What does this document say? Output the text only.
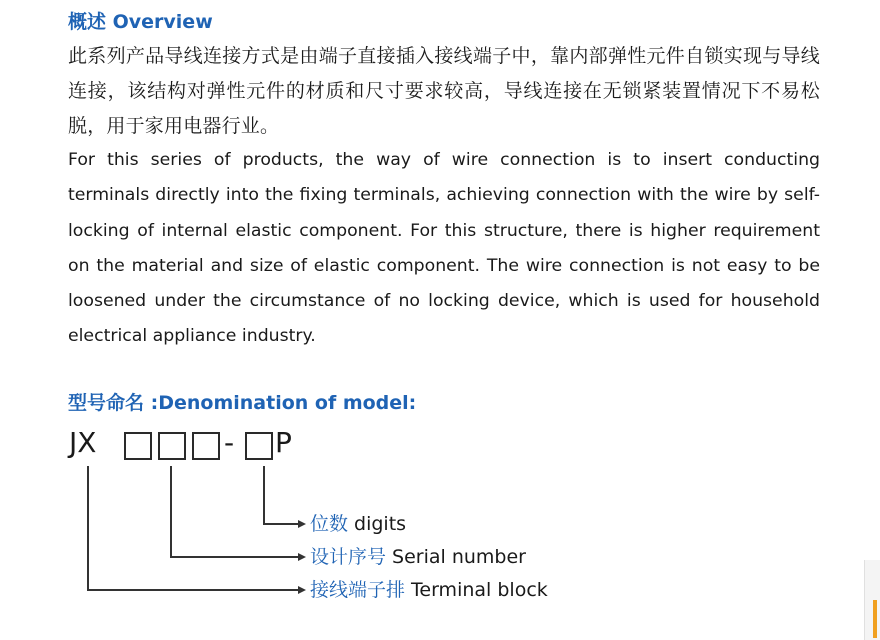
概述 Overview

此系列产品导线连接方式是由端子直接插入接线端子中，靠内部弹性元件自锁实现与导线连接，该结构对弹性元件的材质和尺寸要求较高，导线连接在无锁紧装置情况下不易松脱，用于家用电器行业。

For this series of products, the way of wire connection is to insert conducting terminals directly into the fixing terminals, achieving connection with the wire by self-locking of internal elastic component. For this structure, there is higher requirement on the material and size of elastic component. The wire connection is not easy to be loosened under the circumstance of no locking device, which is used for household electrical appliance industry.

型号命名 :Denomination of model:
JX	- P
位数 digits
设计序号 Serial number
接线端子排 Terminal block
